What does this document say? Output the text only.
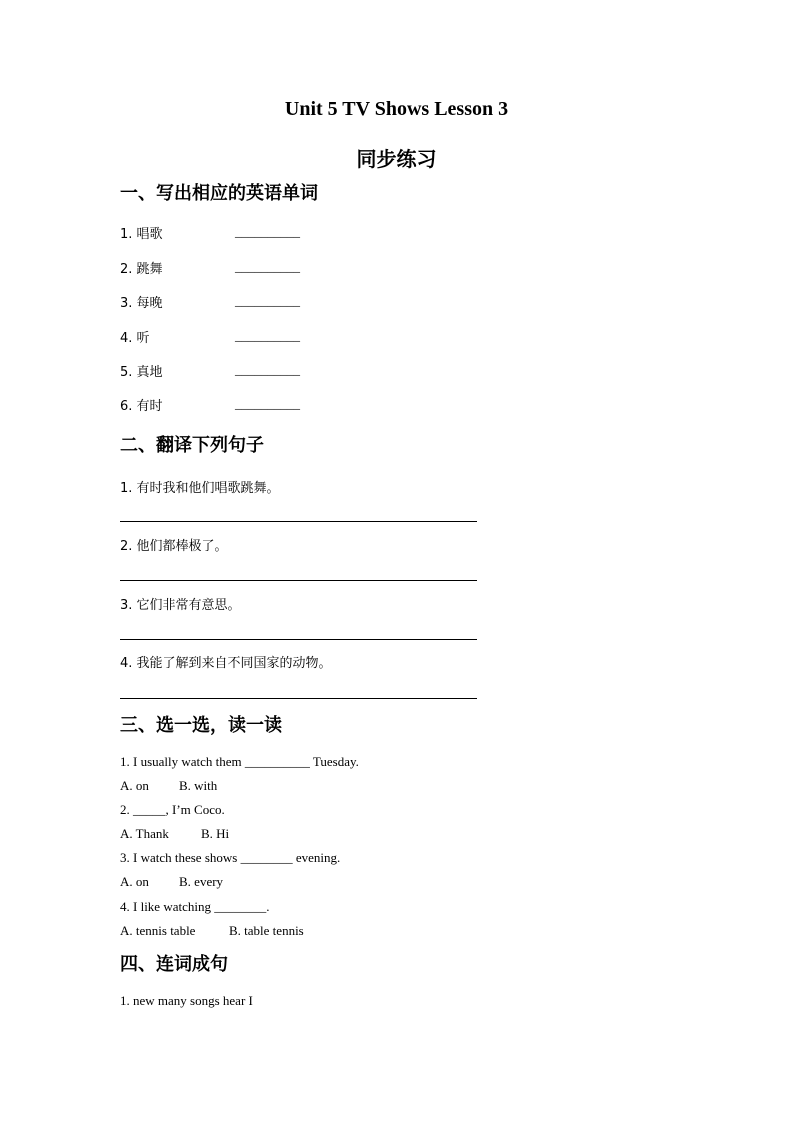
Unit 5 TV Shows Lesson 3
同步练习
一、写出相应的英语单词
1. 唱歌	__________
2. 跳舞	__________
3. 每晚	__________
4. 听	__________
5. 真地	__________
6. 有时	__________
二、翻译下列句子
1. 有时我和他们唱歌跳舞。
2. 他们都棒极了。
3. 它们非常有意思。
4. 我能了解到来自不同国家的动物。
三、选一选，读一读
1. I usually watch them __________ Tuesday.
A. on B. with
2. _____, I’m Coco.
A. Thank B. Hi
3. I watch these shows ________ evening.
A. on B. every
4. I like watching ________.
A. tennis table	B. table tennis
四、连词成句
1. new many songs hear I
